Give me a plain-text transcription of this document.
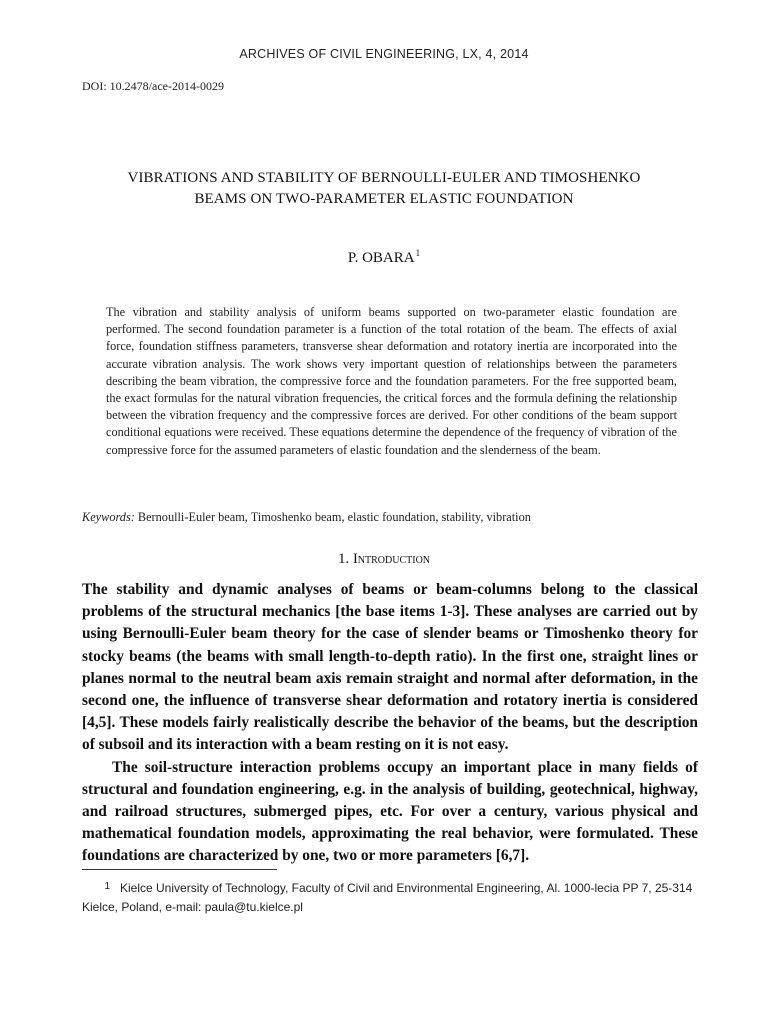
ARCHIVES OF CIVIL ENGINEERING, LX, 4, 2014
DOI: 10.2478/ace-2014-0029
VIBRATIONS AND STABILITY OF BERNOULLI-EULER AND TIMOSHENKO
BEAMS ON TWO-PARAMETER ELASTIC FOUNDATION
P. OBARA$^1$

The vibration and stability analysis of uniform beams supported on two-parameter elastic foundation are performed. The second foundation parameter is a function of the total rotation of the beam. The effects of axial force, foundation stiffness parameters, transverse shear deformation and rotatory inertia are incorporated into the accurate vibration analysis. The work shows very important question of relationships between the parameters describing the beam vibration, the compressive force and the foundation parameters. For the free supported beam, the exact formulas for the natural vibration frequencies, the critical forces and the formula defining the relationship between the vibration frequency and the compressive forces are derived. For other conditions of the beam support conditional equations were received. These equations determine the dependence of the frequency of vibration of the compressive force for the assumed parameters of elastic foundation and the slenderness of the beam.

Keywords: Bernoulli-Euler beam, Timoshenko beam, elastic foundation, stability, vibration
1. Introduction

The stability and dynamic analyses of beams or beam-columns belong to the classical problems of the structural mechanics [the base items 1-3]. These analyses are carried out by using Bernoulli-Euler beam theory for the case of slender beams or Timoshenko theory for stocky beams (the beams with small length-to-depth ratio). In the first one, straight lines or planes normal to the neutral beam axis remain straight and normal after deformation, in the second one, the influence of transverse shear deformation and rotatory inertia is considered [4,5]. These models fairly realistically describe the behavior of the beams, but the description of subsoil and its interaction with a beam resting on it is not easy.

The soil-structure interaction problems occupy an important place in many fields of structural and foundation engineering, e.g. in the analysis of building, geotechnical, highway, and railroad structures, submerged pipes, etc. For over a century, various physical and mathematical foundation models, approximating the real behavior, were formulated. These foundations are characterized by one, two or more parameters [6,7].

1 Kielce University of Technology, Faculty of Civil and Environmental Engineering, Al. 1000-lecia PP 7, 25-314 Kielce, Poland, e-mail: paula@tu.kielce.pl
